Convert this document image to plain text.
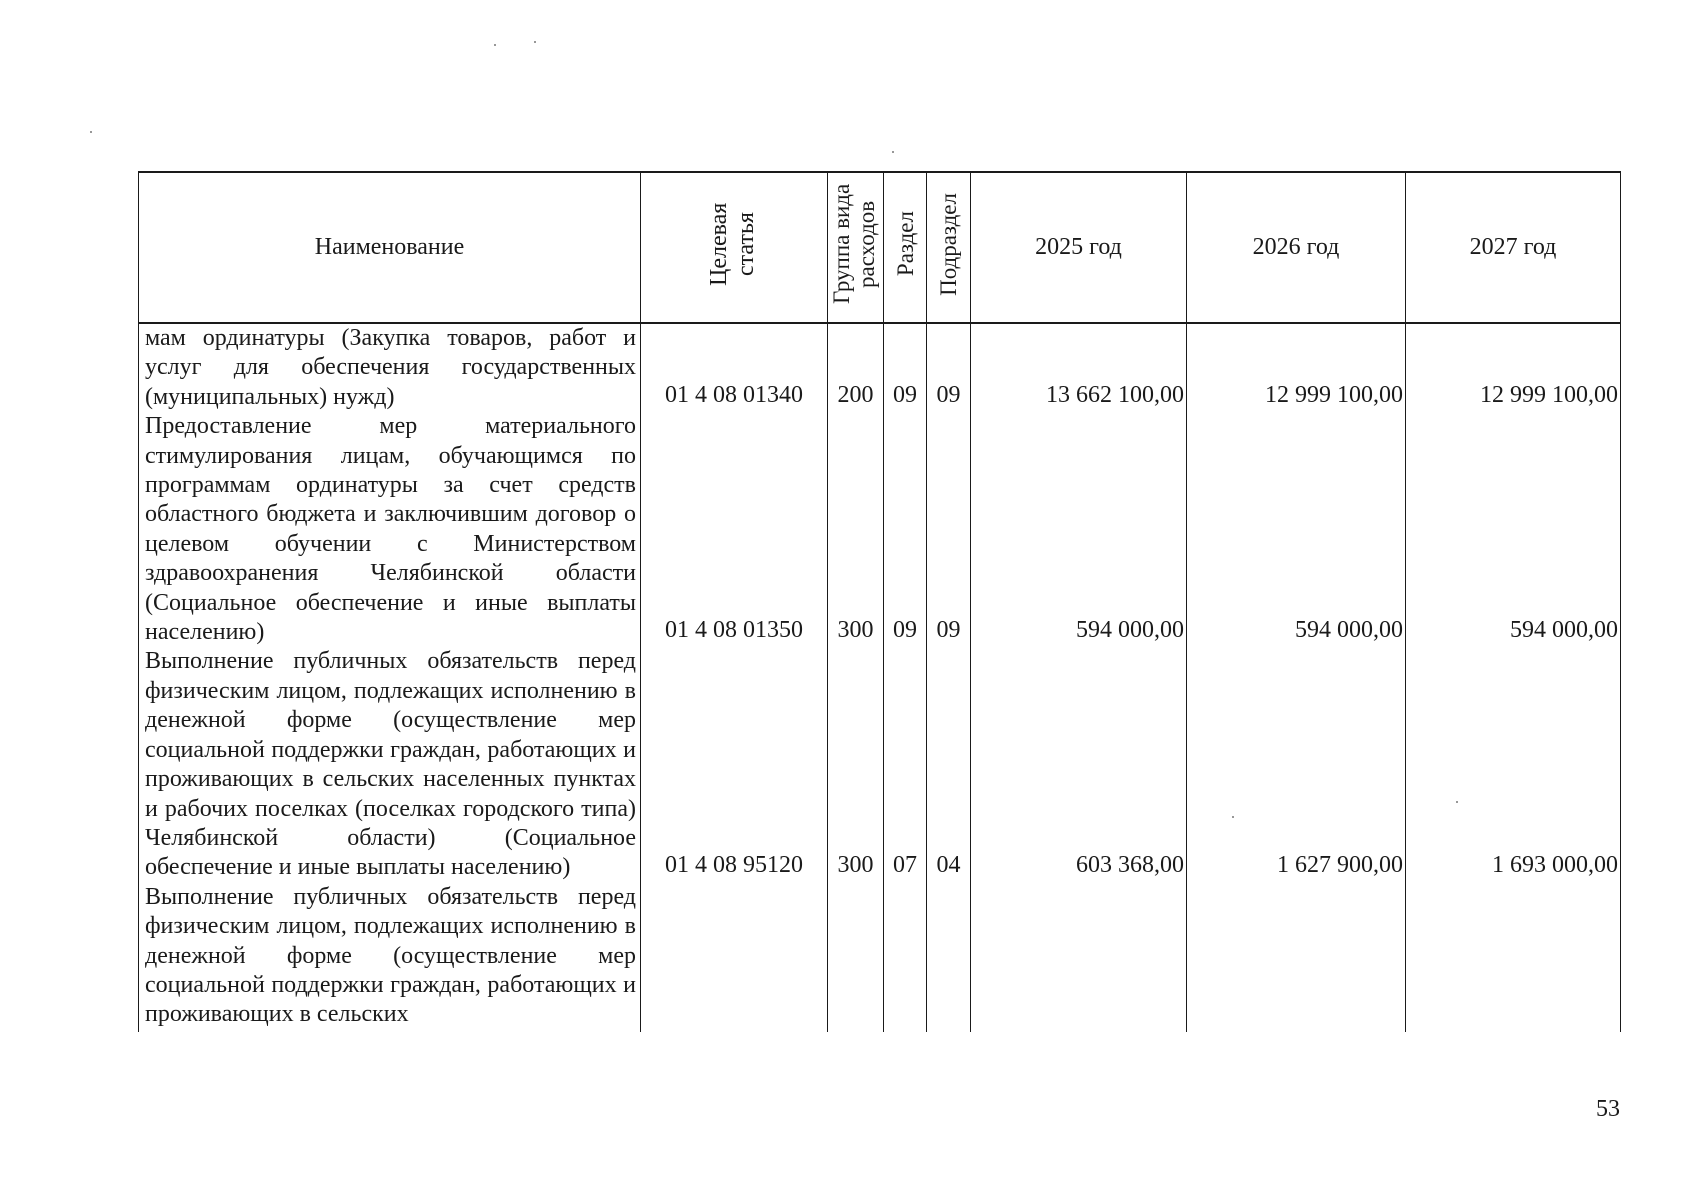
Наименование	Целевая статья	Группа вида расходов	Раздел	Подраздел	2025 год	2026 год	2027 год
мам ординатуры (Закупка товаров, работ и услуг для обеспечения государственных (муниципальных) нужд)	01 4 08 01340	200	09	09	13 662 100,00	12 999 100,00	12 999 100,00
Предоставление мер материального стимулирования лицам, обучающимся по программам ординатуры за счет средств областного бюджета и заключившим договор о целевом обучении с Министерством здравоохранения Челябинской области (Социальное обеспечение и иные выплаты населению)	01 4 08 01350	300	09	09	594 000,00	594 000,00	594 000,00
Выполнение публичных обязательств перед физическим лицом, подлежащих исполнению в денежной форме (осуществление мер социальной поддержки граждан, работающих и проживающих в сельских населенных пунктах и рабочих поселках (поселках городского типа) Челябинской области) (Социальное обеспечение и иные выплаты населению)	01 4 08 95120	300	07	04	603 368,00	1 627 900,00	1 693 000,00
Выполнение публичных обязательств перед физическим лицом, подлежащих исполнению в денежной форме (осуществление мер социальной поддержки граждан, работающих и проживающих в сельских							
53
